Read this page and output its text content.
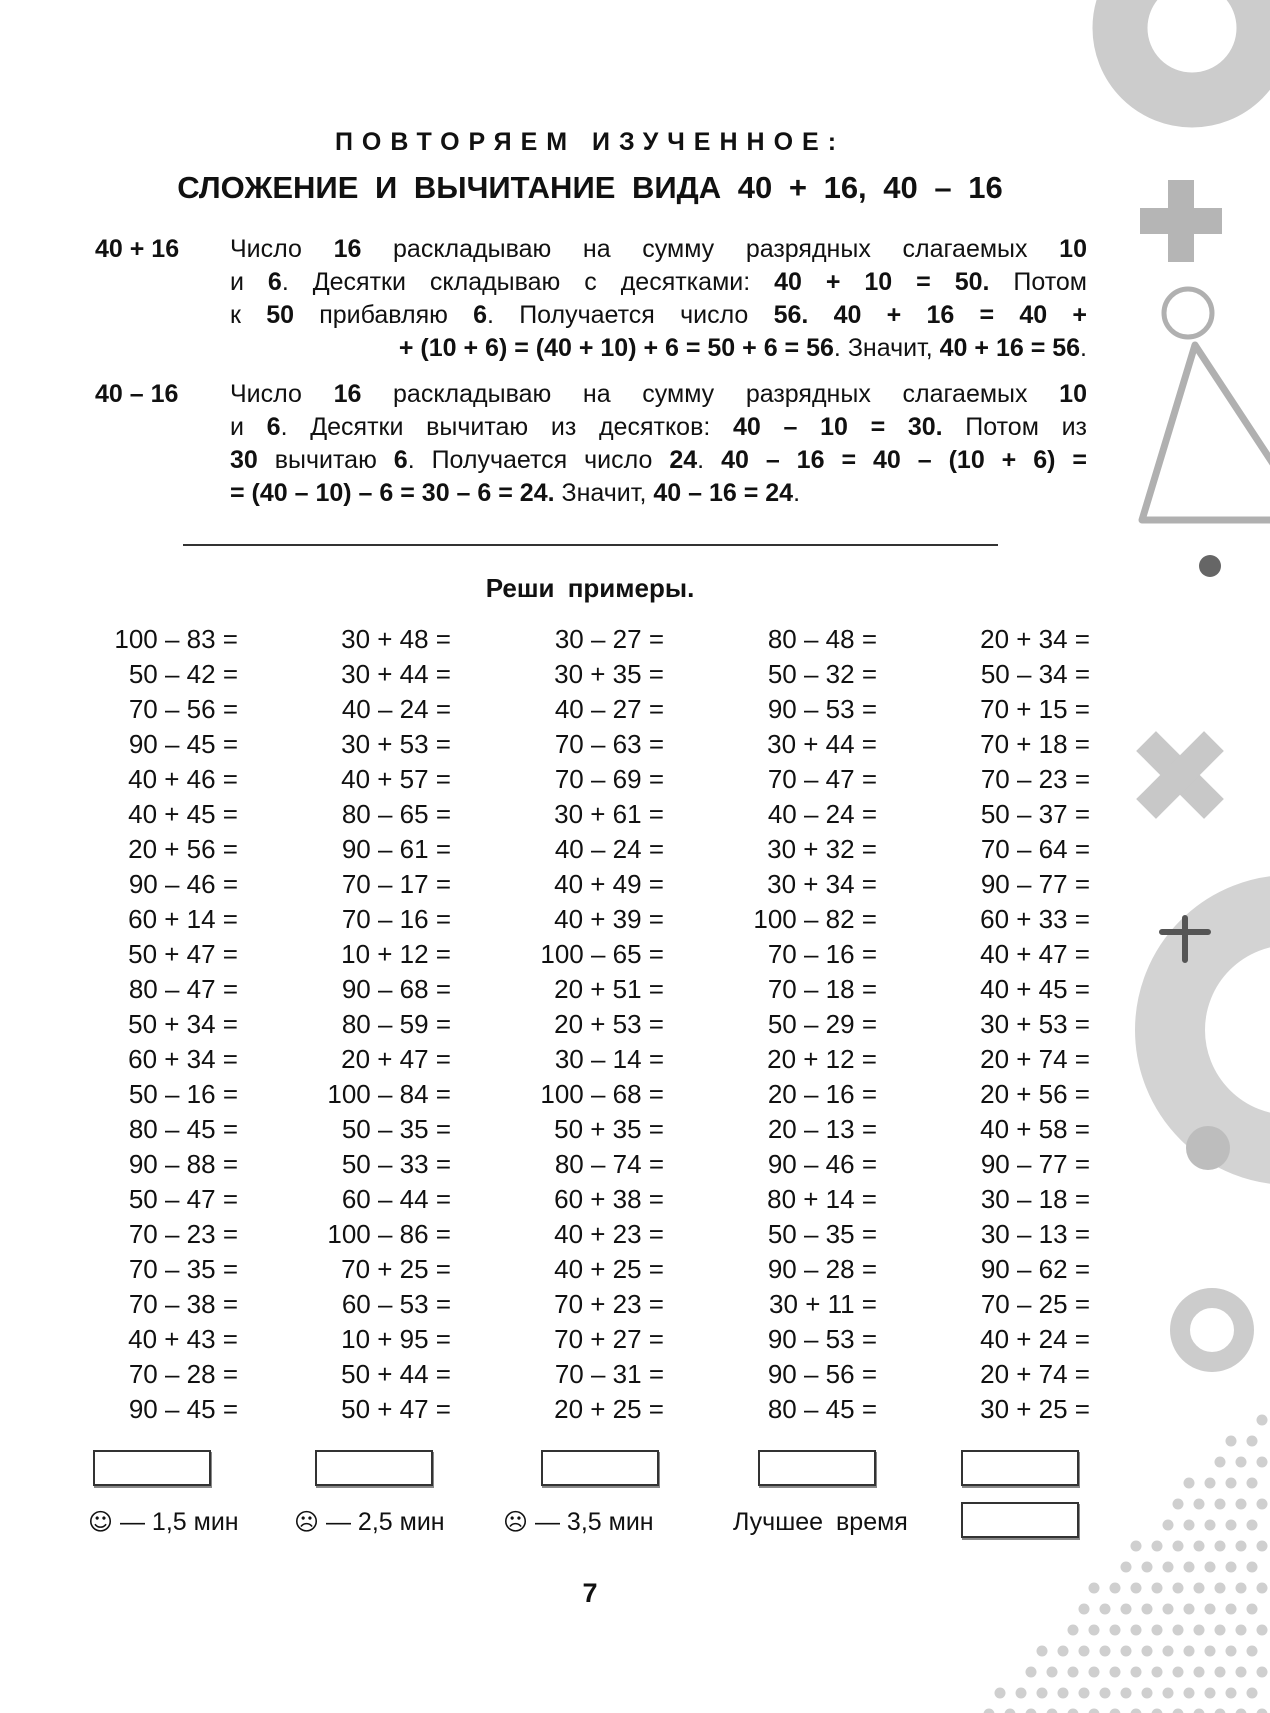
ПОВТОРЯЕМ ИЗУЧЕННОЕ:
СЛОЖЕНИЕ И ВЫЧИТАНИЕ ВИДА 40 + 16, 40 – 16
40 + 16 Число 16 раскладываю на сумму разрядных слагаемых 10
и 6. Десятки складываю с десятками: 40 + 10 = 50. Потом
к 50 прибавляю 6. Получается число 56. 40 + 16 = 40 +
+ (10 + 6) = (40 + 10) + 6 = 50 + 6 = 56. Значит, 40 + 16 = 56.
40 – 16 Число 16 раскладываю на сумму разрядных слагаемых 10
и 6. Десятки вычитаю из десятков: 40 – 10 = 30. Потом из
30 вычитаю 6. Получается число 24. 40 – 16 = 40 – (10 + 6) =
= (40 – 10) – 6 = 30 – 6 = 24. Значит, 40 – 16 = 24.
Реши примеры.
100 – 83 =
50 – 42 =
70 – 56 =
90 – 45 =
40 + 46 =
40 + 45 =
20 + 56 =
90 – 46 =
60 + 14 =
50 + 47 =
80 – 47 =
50 + 34 =
60 + 34 =
50 – 16 =
80 – 45 =
90 – 88 =
50 – 47 =
70 – 23 =
70 – 35 =
70 – 38 =
40 + 43 =
70 – 28 =
90 – 45 =
30 + 48 =
30 + 44 =
40 – 24 =
30 + 53 =
40 + 57 =
80 – 65 =
90 – 61 =
70 – 17 =
70 – 16 =
10 + 12 =
90 – 68 =
80 – 59 =
20 + 47 =
100 – 84 =
50 – 35 =
50 – 33 =
60 – 44 =
100 – 86 =
70 + 25 =
60 – 53 =
10 + 95 =
50 + 44 =
50 + 47 =
30 – 27 =
30 + 35 =
40 – 27 =
70 – 63 =
70 – 69 =
30 + 61 =
40 – 24 =
40 + 49 =
40 + 39 =
100 – 65 =
20 + 51 =
20 + 53 =
30 – 14 =
100 – 68 =
50 + 35 =
80 – 74 =
60 + 38 =
40 + 23 =
40 + 25 =
70 + 23 =
70 + 27 =
70 – 31 =
20 + 25 =
80 – 48 =
50 – 32 =
90 – 53 =
30 + 44 =
70 – 47 =
40 – 24 =
30 + 32 =
30 + 34 =
100 – 82 =
70 – 16 =
70 – 18 =
50 – 29 =
20 + 12 =
20 – 16 =
20 – 13 =
90 – 46 =
80 + 14 =
50 – 35 =
90 – 28 =
30 + 11 =
90 – 53 =
90 – 56 =
80 – 45 =
20 + 34 =
50 – 34 =
70 + 15 =
70 + 18 =
70 – 23 =
50 – 37 =
70 – 64 =
90 – 77 =
60 + 33 =
40 + 47 =
40 + 45 =
30 + 53 =
20 + 74 =
20 + 56 =
40 + 58 =
90 – 77 =
30 – 18 =
30 – 13 =
90 – 62 =
70 – 25 =
40 + 24 =
20 + 74 =
30 + 25 =
☺ — 1,5 мин ☹ — 2,5 мин ☹ — 3,5 мин	Лучшее время
7
